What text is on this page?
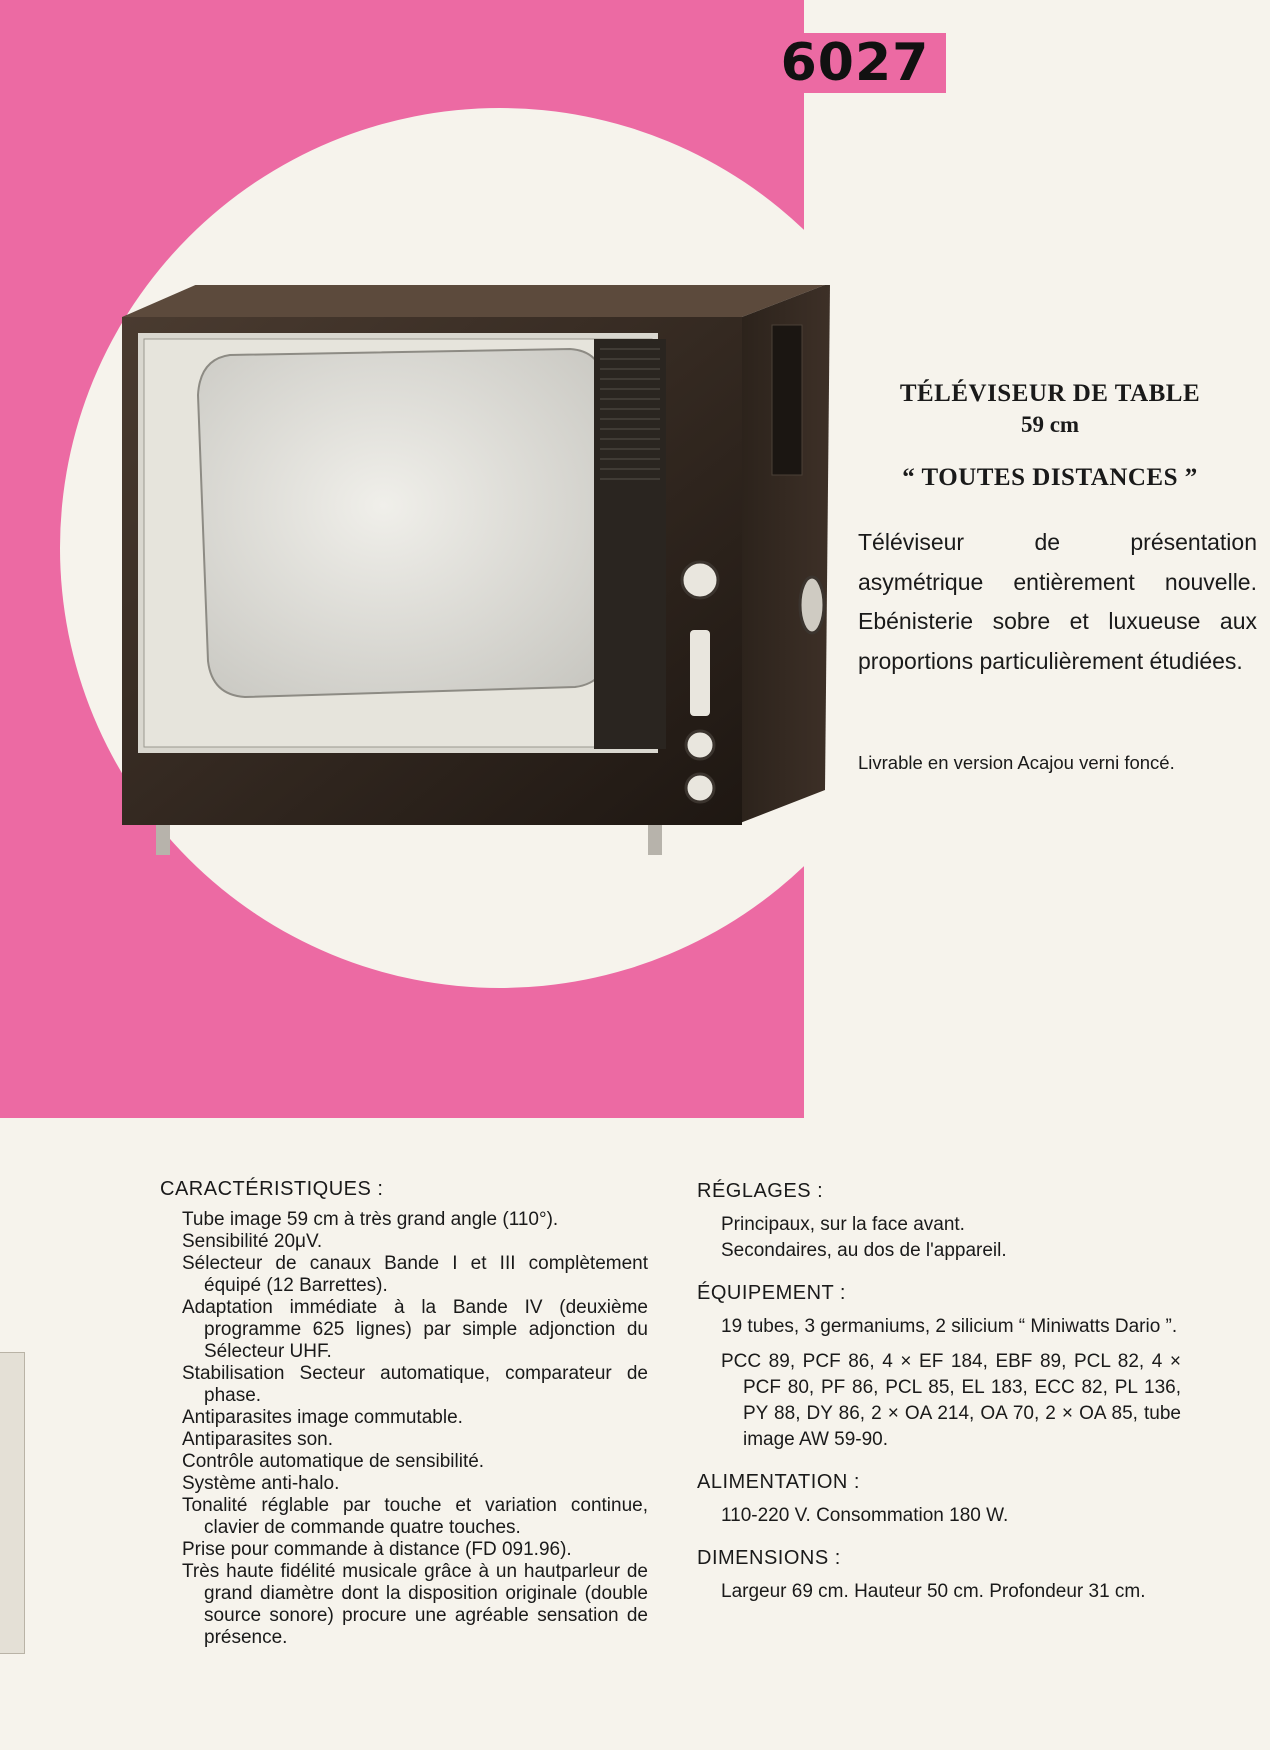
6027
TÉLÉVISEUR DE TABLE
59 cm
“ TOUTES DISTANCES ”
Téléviseur de présentation asymétrique entièrement nouvelle. Ebénisterie sobre et luxueuse aux proportions particulièrement étudiées.
Livrable en version Acajou verni foncé.
CARACTÉRISTIQUES :
Tube image 59 cm à très grand angle (110°).
Sensibilité 20μV.
Sélecteur de canaux Bande I et III complètement équipé (12 Barrettes).
Adaptation immédiate à la Bande IV (deuxième programme 625 lignes) par simple adjonction du Sélecteur UHF.
Stabilisation Secteur automatique, comparateur de phase.
Antiparasites image commutable.
Antiparasites son.
Contrôle automatique de sensibilité.
Système anti-halo.
Tonalité réglable par touche et variation continue, clavier de commande quatre touches.
Prise pour commande à distance (FD 091.96).
Très haute fidélité musicale grâce à un hautparleur de grand diamètre dont la disposition originale (double source sonore) procure une agréable sensation de présence.
RÉGLAGES :

Principaux, sur la face avant.

Secondaires, au dos de l'appareil.

ÉQUIPEMENT :

19 tubes, 3 germaniums, 2 silicium “ Miniwatts Dario ”.

PCC 89, PCF 86, 4 × EF 184, EBF 89, PCL 82, 4 × PCF 80, PF 86, PCL 85, EL 183, ECC 82, PL 136, PY 88, DY 86, 2 × OA 214, OA 70, 2 × OA 85, tube image AW 59-90.

ALIMENTATION :

110-220 V. Consommation 180 W.

DIMENSIONS :

Largeur 69 cm. Hauteur 50 cm. Profondeur 31 cm.
